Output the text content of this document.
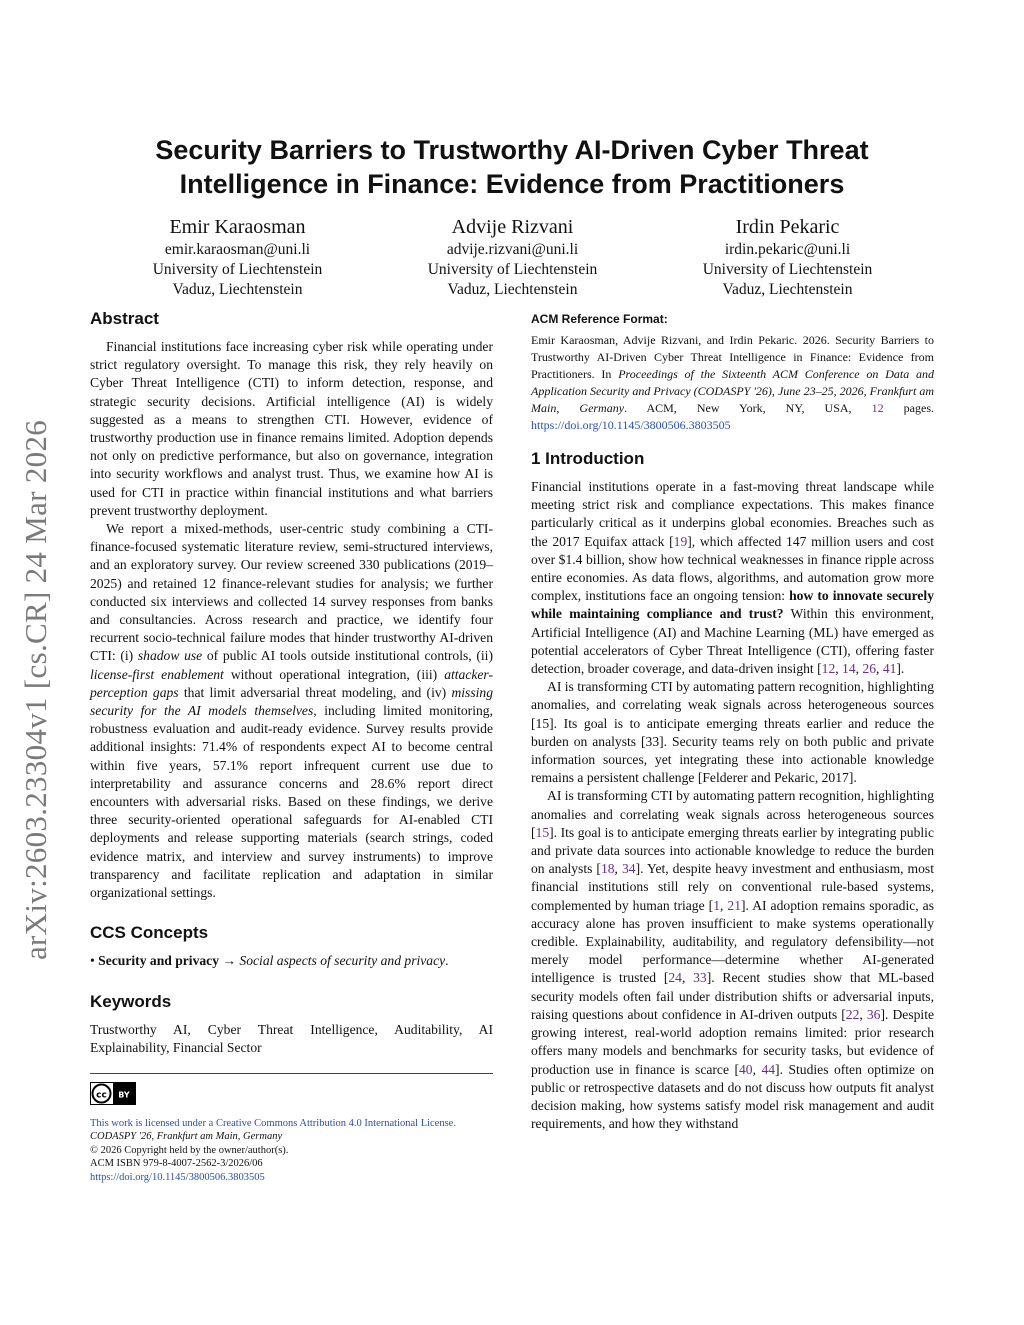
arXiv:2603.23304v1 [cs.CR] 24 Mar 2026
Security Barriers to Trustworthy AI-Driven Cyber Threat Intelligence in Finance: Evidence from Practitioners
Emir Karaosman
emir.karaosman@uni.li
University of Liechtenstein
Vaduz, Liechtenstein
Advije Rizvani
advije.rizvani@uni.li
University of Liechtenstein
Vaduz, Liechtenstein
Irdin Pekaric
irdin.pekaric@uni.li
University of Liechtenstein
Vaduz, Liechtenstein
Abstract

Financial institutions face increasing cyber risk while operating under strict regulatory oversight. To manage this risk, they rely heavily on Cyber Threat Intelligence (CTI) to inform detection, response, and strategic security decisions. Artificial intelligence (AI) is widely suggested as a means to strengthen CTI. However, evidence of trustworthy production use in finance remains limited. Adoption depends not only on predictive performance, but also on governance, integration into security workflows and analyst trust. Thus, we examine how AI is used for CTI in practice within financial institutions and what barriers prevent trustworthy deployment.

We report a mixed-methods, user-centric study combining a CTI-finance-focused systematic literature review, semi-structured interviews, and an exploratory survey. Our review screened 330 publications (2019–2025) and retained 12 finance-relevant studies for analysis; we further conducted six interviews and collected 14 survey responses from banks and consultancies. Across research and practice, we identify four recurrent socio-technical failure modes that hinder trustworthy AI-driven CTI: (i) shadow use of public AI tools outside institutional controls, (ii) license-first enablement without operational integration, (iii) attacker-perception gaps that limit adversarial threat modeling, and (iv) missing security for the AI models themselves, including limited monitoring, robustness evaluation and audit-ready evidence. Survey results provide additional insights: 71.4% of respondents expect AI to become central within five years, 57.1% report infrequent current use due to interpretability and assurance concerns and 28.6% report direct encounters with adversarial risks. Based on these findings, we derive three security-oriented operational safeguards for AI-enabled CTI deployments and release supporting materials (search strings, coded evidence matrix, and interview and survey instruments) to improve transparency and facilitate replication and adaptation in similar organizational settings.

CCS Concepts

• Security and privacy → Social aspects of security and privacy.

Keywords

Trustworthy AI, Cyber Threat Intelligence, Auditability, AI Explainability, Financial Sector

cc BY
This work is licensed under a Creative Commons Attribution 4.0 International License.
CODASPY '26, Frankfurt am Main, Germany
© 2026 Copyright held by the owner/author(s).
ACM ISBN 979-8-4007-2562-3/2026/06
https://doi.org/10.1145/3800506.3803505
ACM Reference Format:

Emir Karaosman, Advije Rizvani, and Irdin Pekaric. 2026. Security Barriers to Trustworthy AI-Driven Cyber Threat Intelligence in Finance: Evidence from Practitioners. In Proceedings of the Sixteenth ACM Conference on Data and Application Security and Privacy (CODASPY '26), June 23–25, 2026, Frankfurt am Main, Germany. ACM, New York, NY, USA, 12 pages. https://doi.org/10.1145/3800506.3803505

1 Introduction

Financial institutions operate in a fast-moving threat landscape while meeting strict risk and compliance expectations. This makes finance particularly critical as it underpins global economies. Breaches such as the 2017 Equifax attack [19], which affected 147 million users and cost over $1.4 billion, show how technical weaknesses in finance ripple across entire economies. As data flows, algorithms, and automation grow more complex, institutions face an ongoing tension: how to innovate securely while maintaining compliance and trust? Within this environment, Artificial Intelligence (AI) and Machine Learning (ML) have emerged as potential accelerators of Cyber Threat Intelligence (CTI), offering faster detection, broader coverage, and data-driven insight [12, 14, 26, 41].

AI is transforming CTI by automating pattern recognition, highlighting anomalies, and correlating weak signals across heterogeneous sources [15]. Its goal is to anticipate emerging threats earlier and reduce the burden on analysts [33]. Security teams rely on both public and private information sources, yet integrating these into actionable knowledge remains a persistent challenge [Felderer and Pekaric, 2017].

AI is transforming CTI by automating pattern recognition, highlighting anomalies and correlating weak signals across heterogeneous sources [15]. Its goal is to anticipate emerging threats earlier by integrating public and private data sources into actionable knowledge to reduce the burden on analysts [18, 34]. Yet, despite heavy investment and enthusiasm, most financial institutions still rely on conventional rule-based systems, complemented by human triage [1, 21]. AI adoption remains sporadic, as accuracy alone has proven insufficient to make systems operationally credible. Explainability, auditability, and regulatory defensibility—not merely model performance—determine whether AI-generated intelligence is trusted [24, 33]. Recent studies show that ML-based security models often fail under distribution shifts or adversarial inputs, raising questions about confidence in AI-driven outputs [22, 36]. Despite growing interest, real-world adoption remains limited: prior research offers many models and benchmarks for security tasks, but evidence of production use in finance is scarce [40, 44]. Studies often optimize on public or retrospective datasets and do not discuss how outputs fit analyst decision making, how systems satisfy model risk management and audit requirements, and how they withstand
